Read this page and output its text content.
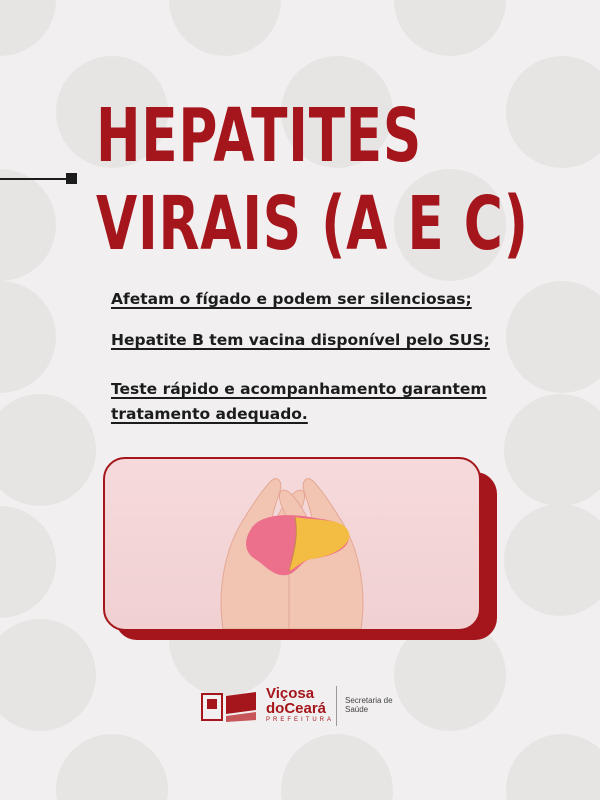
HEPATITES
VIRAIS (A E C)

Afetam o fígado e podem ser silenciosas;

Hepatite B tem vacina disponível pelo SUS;

Teste rápido e acompanhamento garantem tratamento adequado.

Viçosa

doCeará

PREFEITURA

Secretaria de Saúde
